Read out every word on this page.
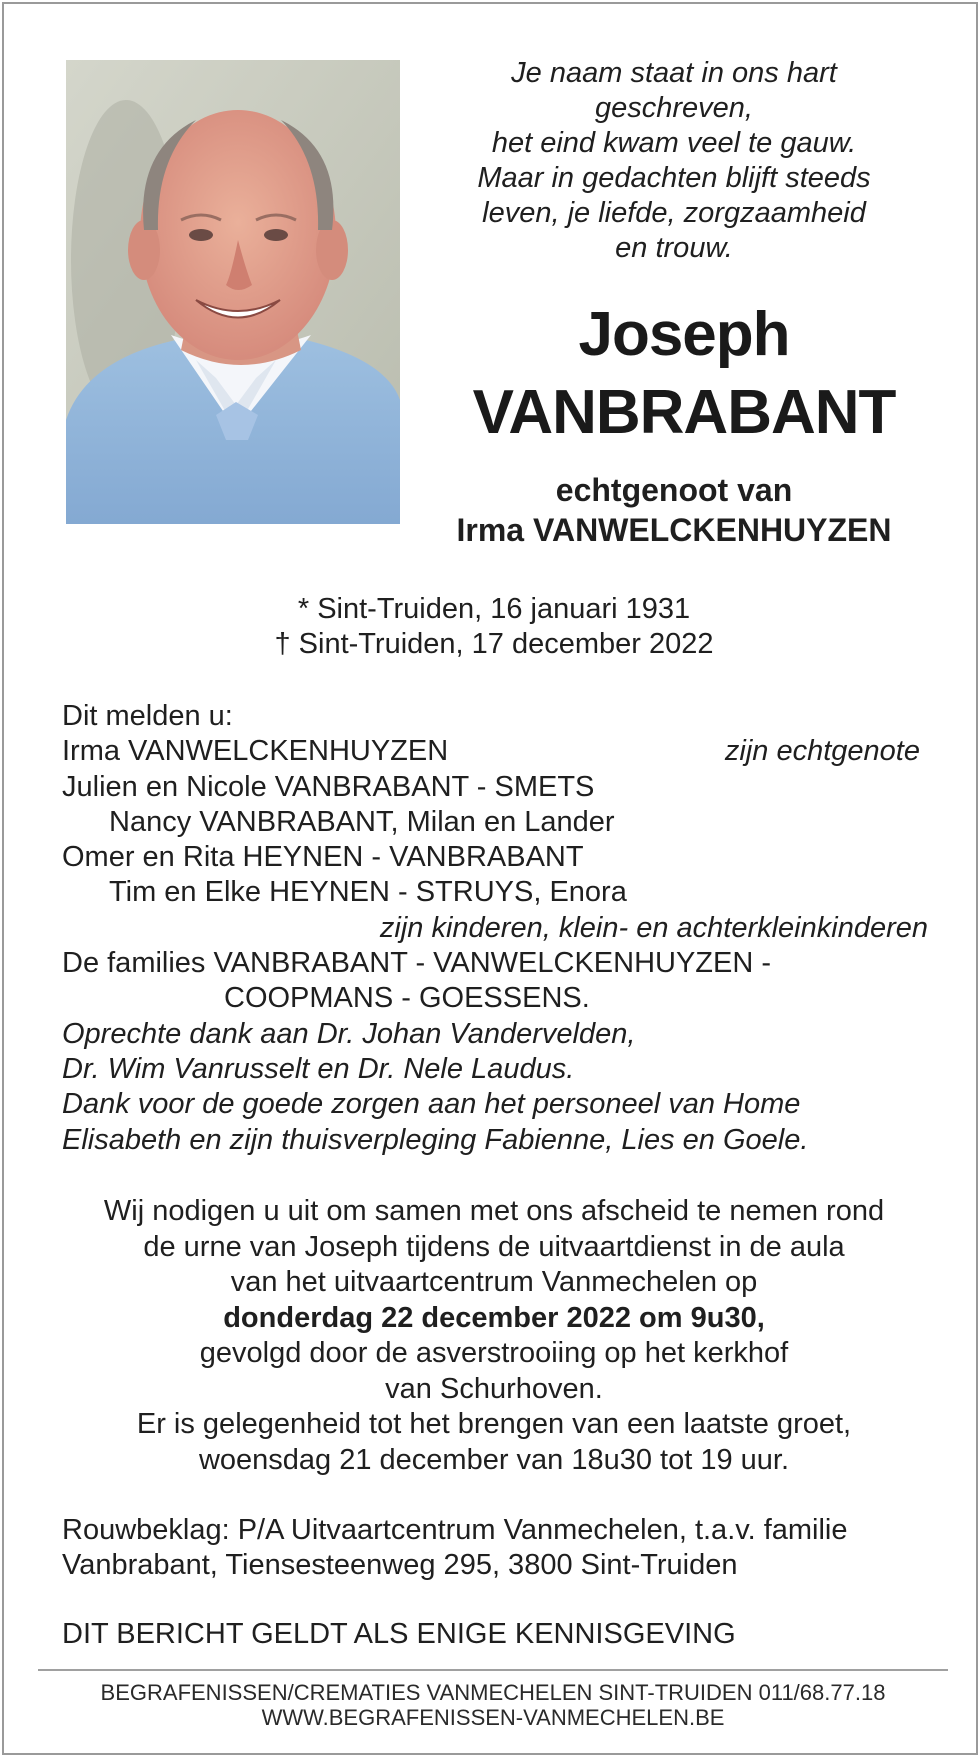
Je naam staat in ons hart
geschreven,
het eind kwam veel te gauw.
Maar in gedachten blijft steeds
leven, je liefde, zorgzaamheid
en trouw.
Joseph
VANBRABANT
echtgenoot van
Irma VANWELCKENHUYZEN
* Sint-Truiden, 16 januari 1931
† Sint-Truiden, 17 december 2022
Dit melden u:
Irma VANWELCKENHUYZEN	zijn echtgenote
Julien en Nicole VANBRABANT - SMETS
Nancy VANBRABANT, Milan en Lander
Omer en Rita HEYNEN - VANBRABANT
Tim en Elke HEYNEN - STRUYS, Enora
zijn kinderen, klein- en achterkleinkinderen
De families VANBRABANT - VANWELCKENHUYZEN -
COOPMANS - GOESSENS.
Oprechte dank aan Dr. Johan Vandervelden,
Dr. Wim Vanrusselt en Dr. Nele Laudus.
Dank voor de goede zorgen aan het personeel van Home
Elisabeth en zijn thuisverpleging Fabienne, Lies en Goele.
Wij nodigen u uit om samen met ons afscheid te nemen rond
de urne van Joseph tijdens de uitvaartdienst in de aula
van het uitvaartcentrum Vanmechelen op
donderdag 22 december 2022 om 9u30,
gevolgd door de asverstrooiing op het kerkhof
van Schurhoven.
Er is gelegenheid tot het brengen van een laatste groet,
woensdag 21 december van 18u30 tot 19 uur.
Rouwbeklag: P/A Uitvaartcentrum Vanmechelen, t.a.v. familie
Vanbrabant, Tiensesteenweg 295, 3800 Sint-Truiden
DIT BERICHT GELDT ALS ENIGE KENNISGEVING
BEGRAFENISSEN/CREMATIES VANMECHELEN SINT-TRUIDEN 011/68.77.18
WWW.BEGRAFENISSEN-VANMECHELEN.BE
